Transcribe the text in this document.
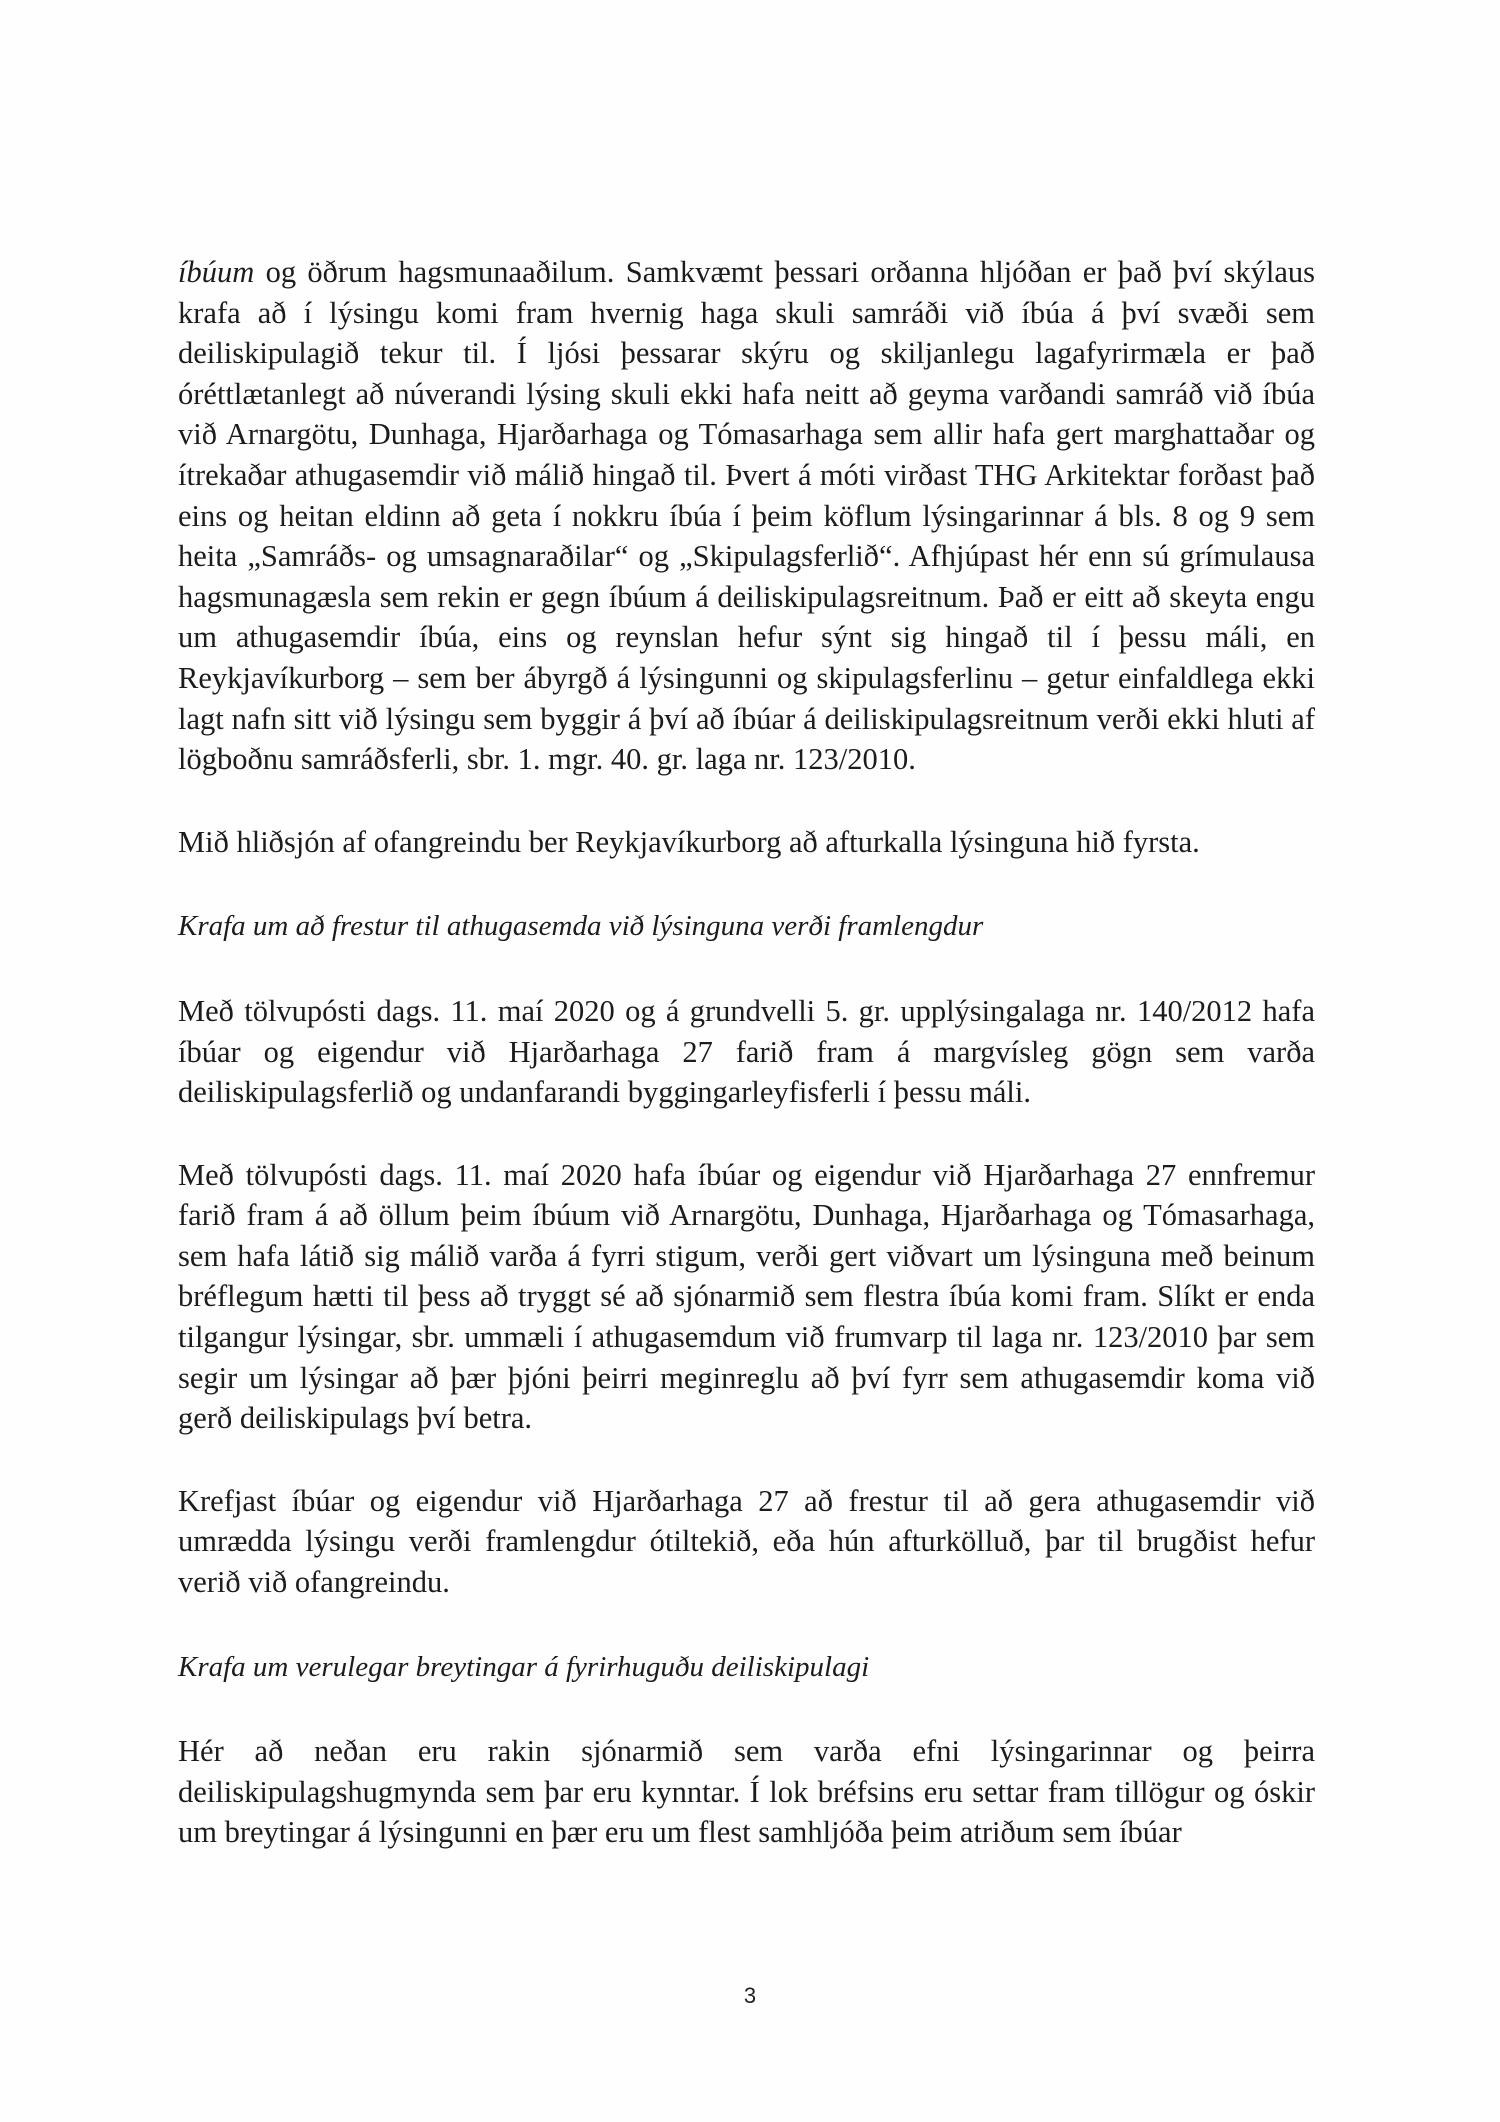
íbúum og öðrum hagsmunaaðilum. Samkvæmt þessari orðanna hljóðan er það því skýlaus krafa að í lýsingu komi fram hvernig haga skuli samráði við íbúa á því svæði sem deiliskipulagið tekur til. Í ljósi þessarar skýru og skiljanlegu lagafyrirmæla er það óréttlætanlegt að núverandi lýsing skuli ekki hafa neitt að geyma varðandi samráð við íbúa við Arnargötu, Dunhaga, Hjarðarhaga og Tómasarhaga sem allir hafa gert marghattaðar og ítrekaðar athugasemdir við málið hingað til. Þvert á móti virðast THG Arkitektar forðast það eins og heitan eldinn að geta í nokkru íbúa í þeim köflum lýsingarinnar á bls. 8 og 9 sem heita „Samráðs- og umsagnaraðilar“ og „Skipulagsferlið“. Afhjúpast hér enn sú grímulausa hagsmunagæsla sem rekin er gegn íbúum á deiliskipulagsreitnum. Það er eitt að skeyta engu um athugasemdir íbúa, eins og reynslan hefur sýnt sig hingað til í þessu máli, en Reykjavíkurborg – sem ber ábyrgð á lýsingunni og skipulagsferlinu – getur einfaldlega ekki lagt nafn sitt við lýsingu sem byggir á því að íbúar á deiliskipulagsreitnum verði ekki hluti af lögboðnu samráðsferli, sbr. 1. mgr. 40. gr. laga nr. 123/2010.

Mið hliðsjón af ofangreindu ber Reykjavíkurborg að afturkalla lýsinguna hið fyrsta.

Krafa um að frestur til athugasemda við lýsinguna verði framlengdur

Með tölvupósti dags. 11. maí 2020 og á grundvelli 5. gr. upplýsingalaga nr. 140/2012 hafa íbúar og eigendur við Hjarðarhaga 27 farið fram á margvísleg gögn sem varða deiliskipulagsferlið og undanfarandi byggingarleyfisferli í þessu máli.

Með tölvupósti dags. 11. maí 2020 hafa íbúar og eigendur við Hjarðarhaga 27 ennfremur farið fram á að öllum þeim íbúum við Arnargötu, Dunhaga, Hjarðarhaga og Tómasarhaga, sem hafa látið sig málið varða á fyrri stigum, verði gert viðvart um lýsinguna með beinum bréflegum hætti til þess að tryggt sé að sjónarmið sem flestra íbúa komi fram. Slíkt er enda tilgangur lýsingar, sbr. ummæli í athugasemdum við frumvarp til laga nr. 123/2010 þar sem segir um lýsingar að þær þjóni þeirri meginreglu að því fyrr sem athugasemdir koma við gerð deiliskipulags því betra.

Krefjast íbúar og eigendur við Hjarðarhaga 27 að frestur til að gera athugasemdir við umrædda lýsingu verði framlengdur ótiltekið, eða hún afturkölluð, þar til brugðist hefur verið við ofangreindu.

Krafa um verulegar breytingar á fyrirhuguðu deiliskipulagi

Hér að neðan eru rakin sjónarmið sem varða efni lýsingarinnar og þeirra deiliskipulagshugmynda sem þar eru kynntar. Í lok bréfsins eru settar fram tillögur og óskir um breytingar á lýsingunni en þær eru um flest samhljóða þeim atriðum sem íbúar

3
